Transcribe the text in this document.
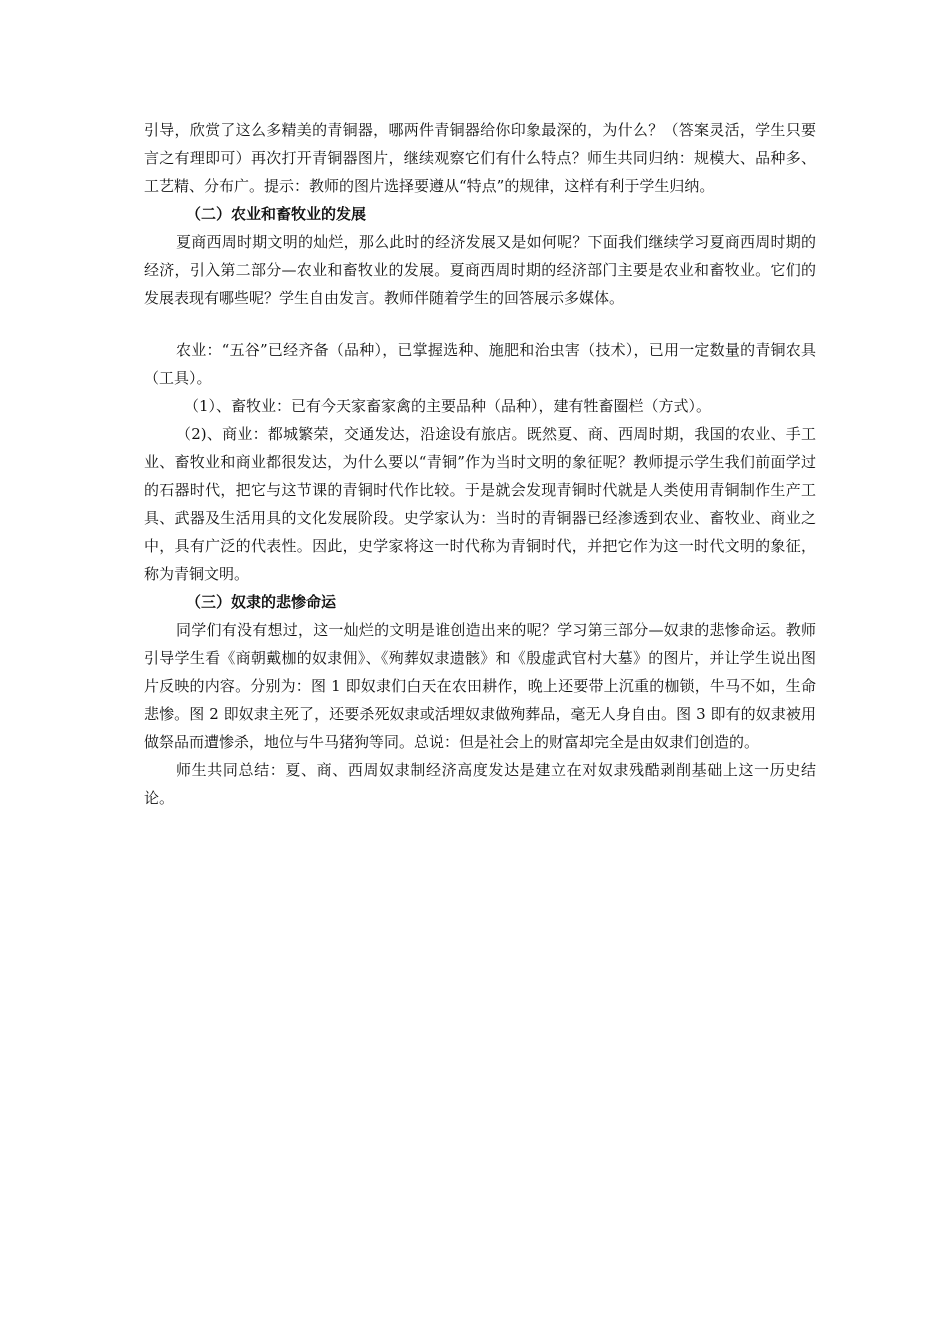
引导，欣赏了这么多精美的青铜器，哪两件青铜器给你印象最深的，为什么？（答案灵活，学生只要言之有理即可）再次打开青铜器图片，继续观察它们有什么特点？师生共同归纳：规模大、品种多、工艺精、分布广。提示：教师的图片选择要遵从“特点”的规律，这样有利于学生归纳。

（二）农业和畜牧业的发展

夏商西周时期文明的灿烂，那么此时的经济发展又是如何呢？下面我们继续学习夏商西周时期的经济，引入第二部分—农业和畜牧业的发展。夏商西周时期的经济部门主要是农业和畜牧业。它们的发展表现有哪些呢？学生自由发言。教师伴随着学生的回答展示多媒体。

农业：“五谷”已经齐备（品种），已掌握选种、施肥和治虫害（技术），已用一定数量的青铜农具（工具）。

（1）、畜牧业：已有今天家畜家禽的主要品种（品种），建有牲畜圈栏（方式）。

（2)、商业：都城繁荣，交通发达，沿途设有旅店。既然夏、商、西周时期，我国的农业、手工业、畜牧业和商业都很发达，为什么要以“青铜”作为当时文明的象征呢？教师提示学生我们前面学过的石器时代，把它与这节课的青铜时代作比较。于是就会发现青铜时代就是人类使用青铜制作生产工具、武器及生活用具的文化发展阶段。史学家认为：当时的青铜器已经渗透到农业、畜牧业、商业之中，具有广泛的代表性。因此，史学家将这一时代称为青铜时代，并把它作为这一时代文明的象征，称为青铜文明。

（三）奴隶的悲惨命运

同学们有没有想过，这一灿烂的文明是谁创造出来的呢？学习第三部分—奴隶的悲惨命运。教师引导学生看《商朝戴枷的奴隶佣》、《殉葬奴隶遗骸》和《殷虚武官村大墓》的图片，并让学生说出图片反映的内容。分别为：图 1 即奴隶们白天在农田耕作，晚上还要带上沉重的枷锁，牛马不如，生命悲惨。图 2 即奴隶主死了，还要杀死奴隶或活埋奴隶做殉葬品，毫无人身自由。图 3 即有的奴隶被用做祭品而遭惨杀，地位与牛马猪狗等同。总说：但是社会上的财富却完全是由奴隶们创造的。

师生共同总结：夏、商、西周奴隶制经济高度发达是建立在对奴隶残酷剥削基础上这一历史结论。
